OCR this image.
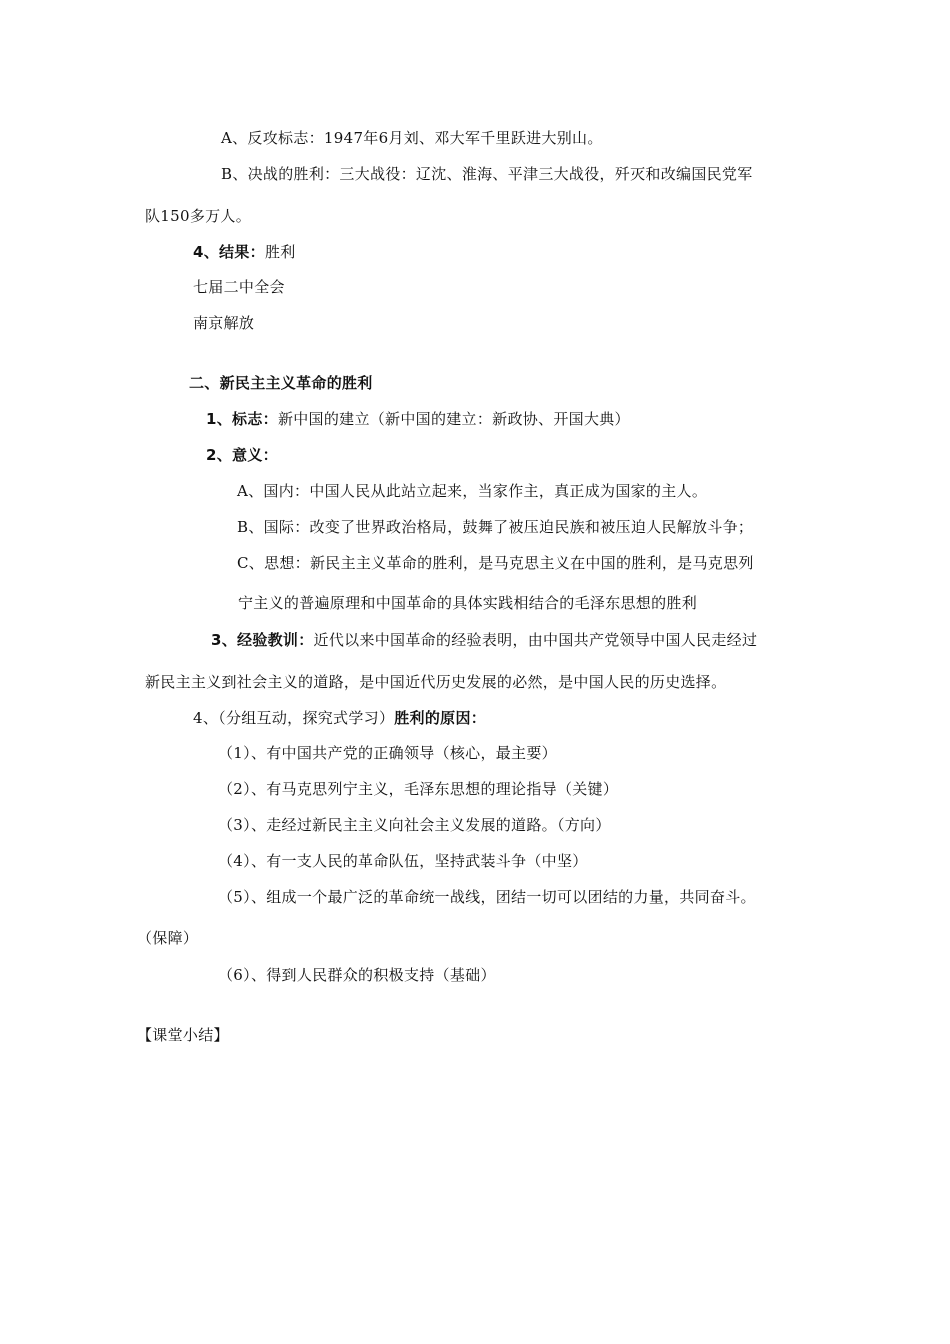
A、反攻标志：1947年6月刘、邓大军千里跃进大别山。
B、决战的胜利：三大战役：辽沈、淮海、平津三大战役，歼灭和改编国民党军
队150多万人。
4、结果：胜利
七届二中全会
南京解放
二、新民主主义革命的胜利
1、标志：新中国的建立（新中国的建立：新政协、开国大典）
2、意义：
A、国内：中国人民从此站立起来，当家作主，真正成为国家的主人。
B、国际：改变了世界政治格局，鼓舞了被压迫民族和被压迫人民解放斗争；
C、思想：新民主主义革命的胜利，是马克思主义在中国的胜利，是马克思列
宁主义的普遍原理和中国革命的具体实践相结合的毛泽东思想的胜利
3、经验教训：近代以来中国革命的经验表明，由中国共产党领导中国人民走经过
新民主主义到社会主义的道路，是中国近代历史发展的必然，是中国人民的历史选择。
4、（分组互动，探究式学习）胜利的原因：
（1）、有中国共产党的正确领导（核心，最主要）
（2）、有马克思列宁主义，毛泽东思想的理论指导（关键）
（3）、走经过新民主主义向社会主义发展的道路。（方向）
（4）、有一支人民的革命队伍，坚持武装斗争（中坚）
（5）、组成一个最广泛的革命统一战线，团结一切可以团结的力量，共同奋斗。
（保障）
（6）、得到人民群众的积极支持（基础）
【课堂小结】
